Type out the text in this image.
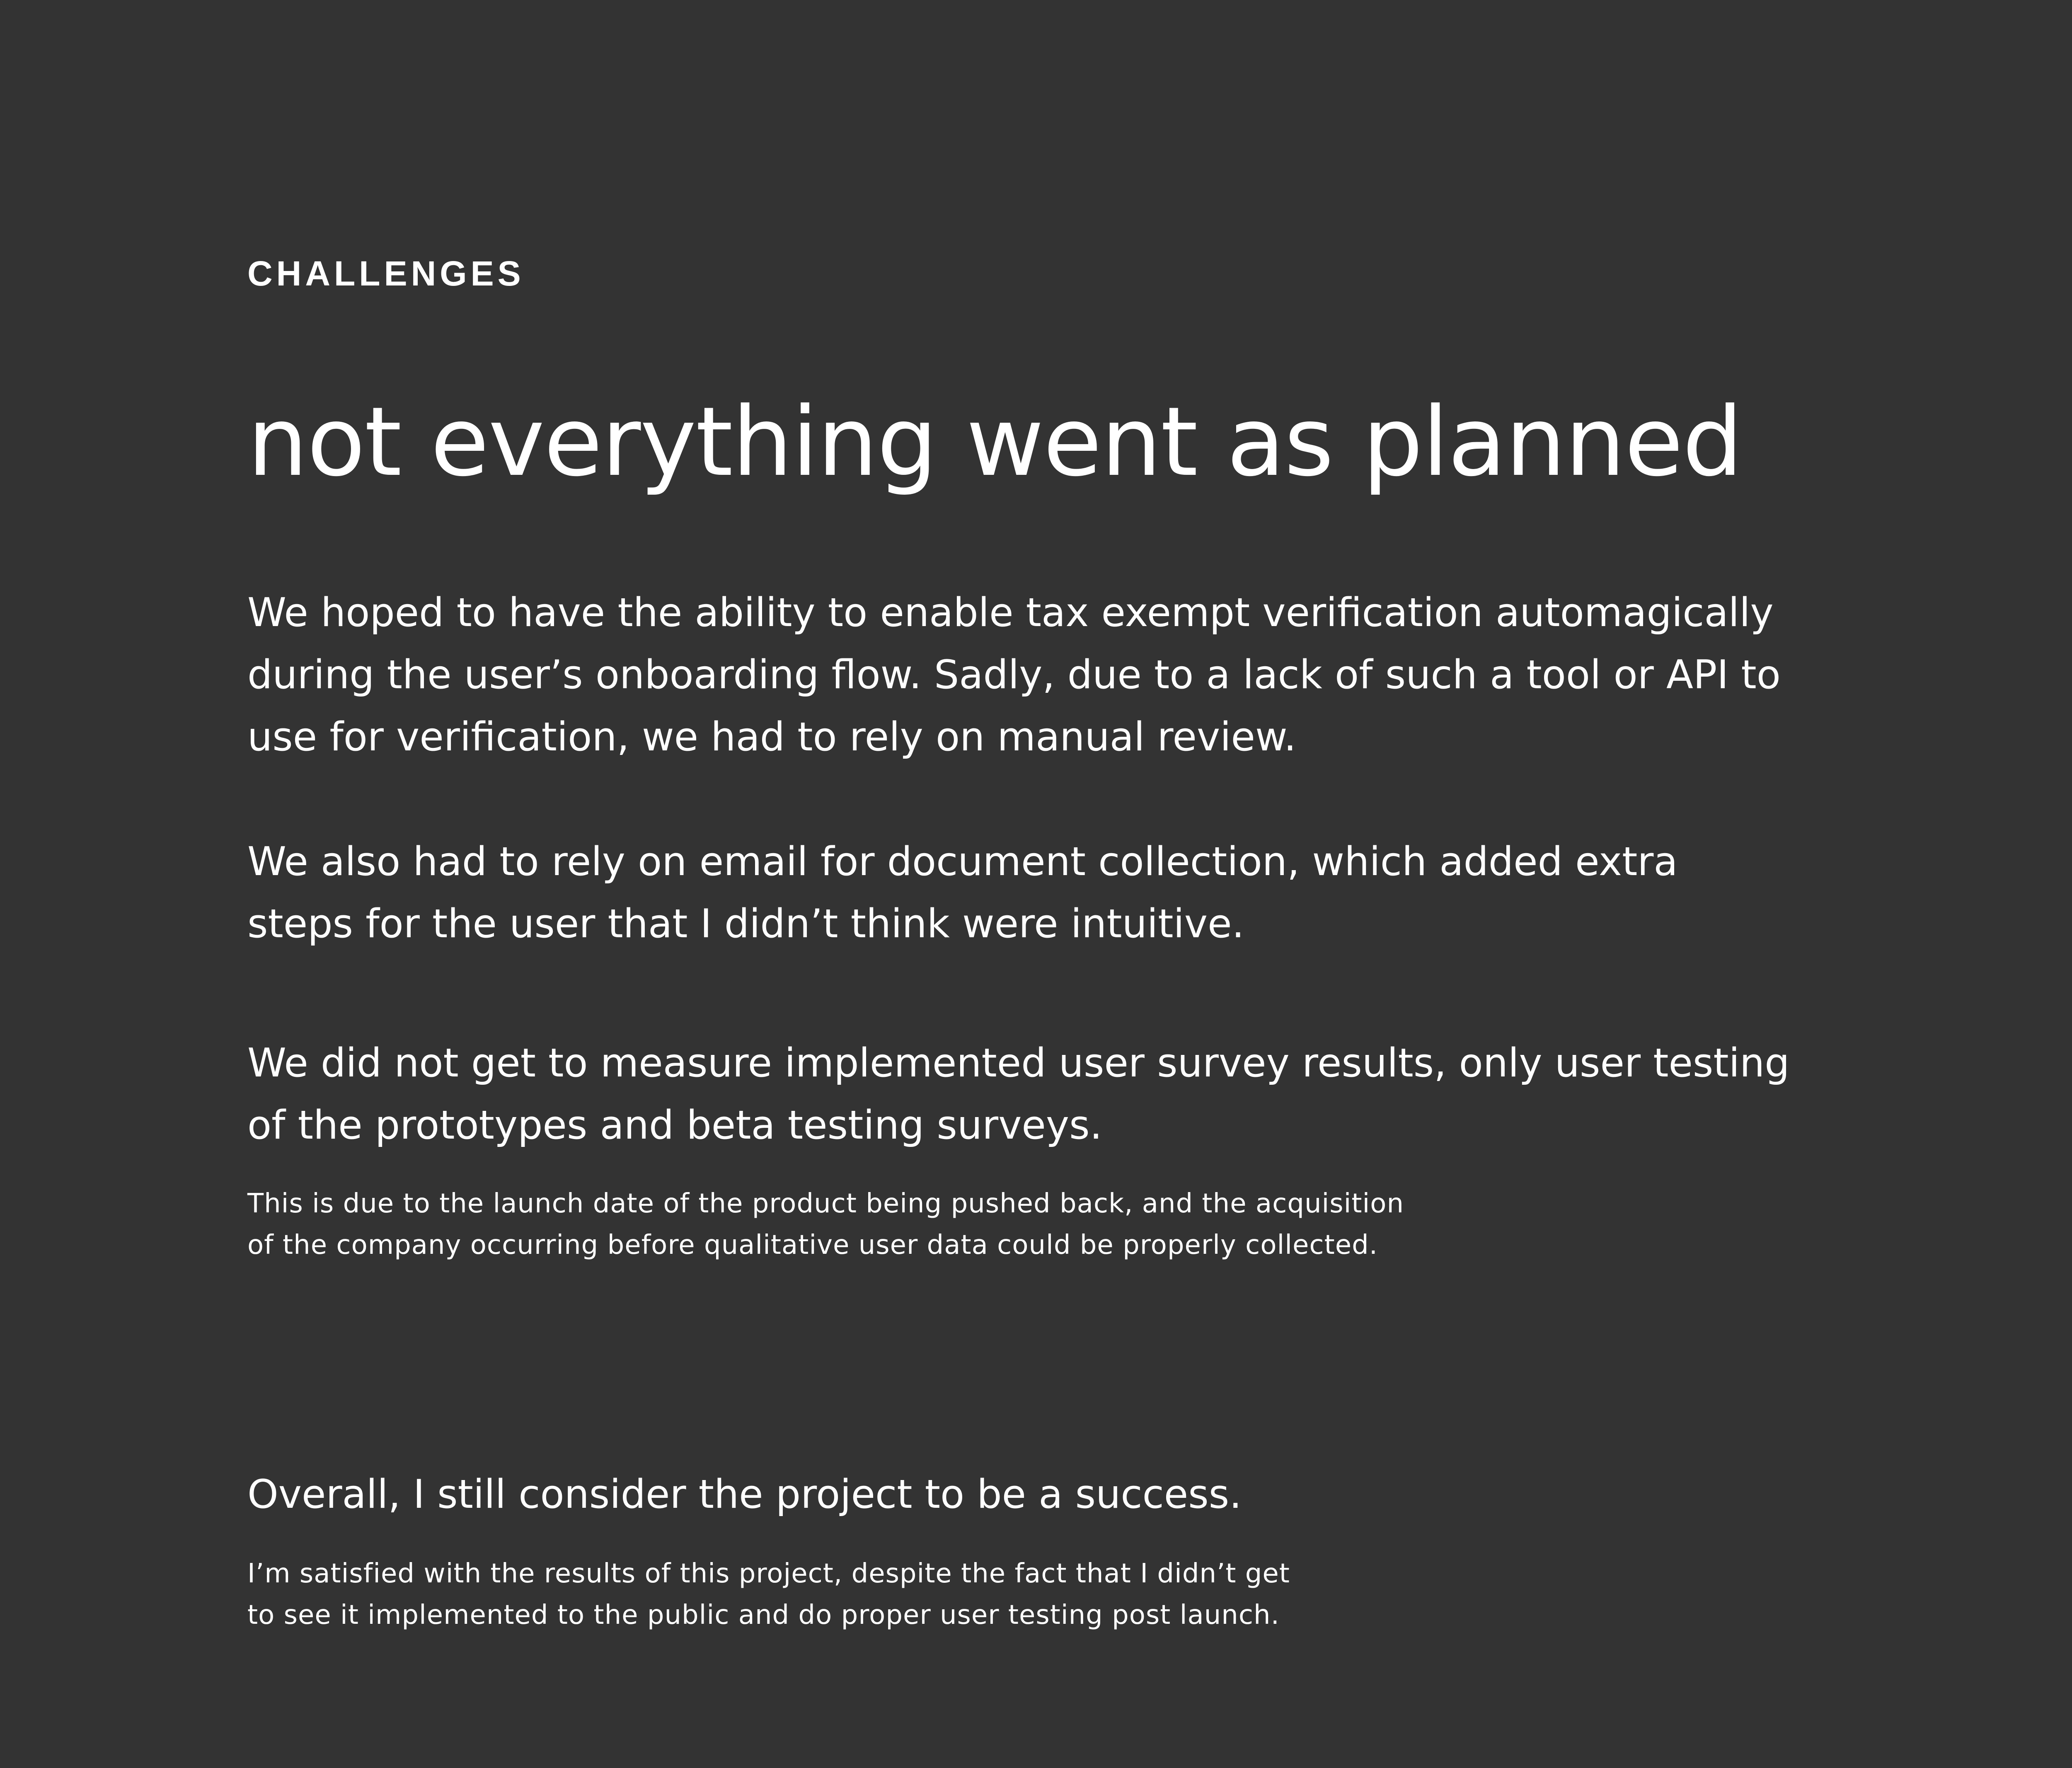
CHALLENGES

not everything went as planned

We hoped to have the ability to enable tax exempt verification automagically
during the user’s onboarding flow. Sadly, due to a lack of such a tool or API to
use for verification, we had to rely on manual review.

We also had to rely on email for document collection, which added extra
steps for the user that I didn’t think were intuitive.

We did not get to measure implemented user survey results, only user testing
of the prototypes and beta testing surveys.

This is due to the launch date of the product being pushed back, and the acquisition
of the company occurring before qualitative user data could be properly collected.

Overall, I still consider the project to be a success.

I’m satisfied with the results of this project, despite the fact that I didn’t get
to see it implemented to the public and do proper user testing post launch.
